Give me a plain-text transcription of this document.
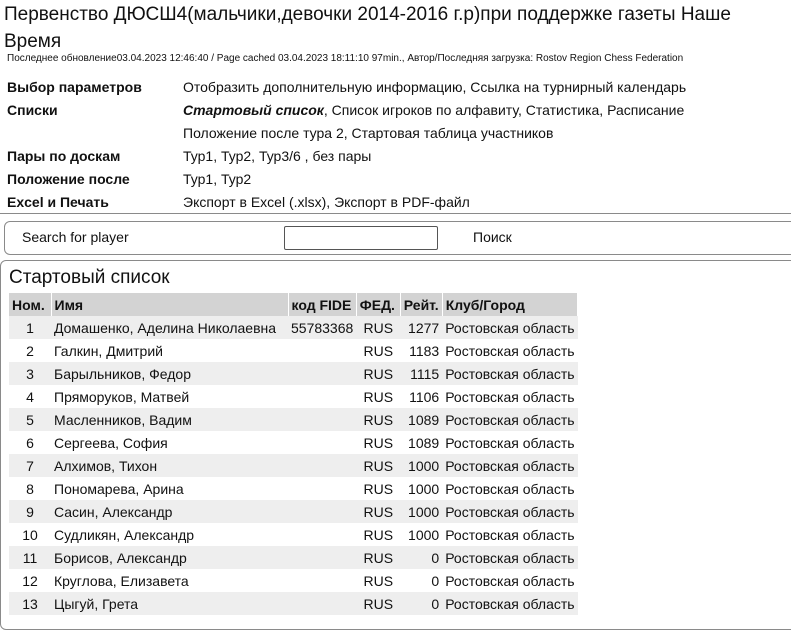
Первенство ДЮСШ4(мальчики,девочки 2014-2016 г.р)при поддержке газеты Наше Время
Последнее обновление03.04.2023 12:46:40 / Page cached 03.04.2023 18:11:10 97min., Автор/Последняя загрузка: Rostov Region Chess Federation
Выбор параметров	Отобразить дополнительную информацию, Ссылка на турнирный календарь
Списки	Стартовый список, Список игроков по алфавиту, Статистика, Расписание
Положение после тура 2, Стартовая таблица участников
Пары по доскам	Тур1, Тур2, Тур3/6 , без пары
Положение после	Тур1, Тур2
Excel и Печать	Экспорт в Excel (.xlsx), Экспорт в PDF-файл
Search for player	Поиск
Стартовый список
Ном.	Имя	код FIDE	ФЕД.	Рейт.	Клуб/Город
1	Домашенко, Аделина Николаевна	55783368	RUS	1277	Ростовская область
2	Галкин, Дмитрий		RUS	1183	Ростовская область
3	Барыльников, Федор		RUS	1115	Ростовская область
4	Пряморуков, Матвей		RUS	1106	Ростовская область
5	Масленников, Вадим		RUS	1089	Ростовская область
6	Сергеева, София		RUS	1089	Ростовская область
7	Алхимов, Тихон		RUS	1000	Ростовская область
8	Пономарева, Арина		RUS	1000	Ростовская область
9	Сасин, Александр		RUS	1000	Ростовская область
10	Судликян, Александр		RUS	1000	Ростовская область
11	Борисов, Александр		RUS	0	Ростовская область
12	Круглова, Елизавета		RUS	0	Ростовская область
13	Цыгуй, Грета		RUS	0	Ростовская область
